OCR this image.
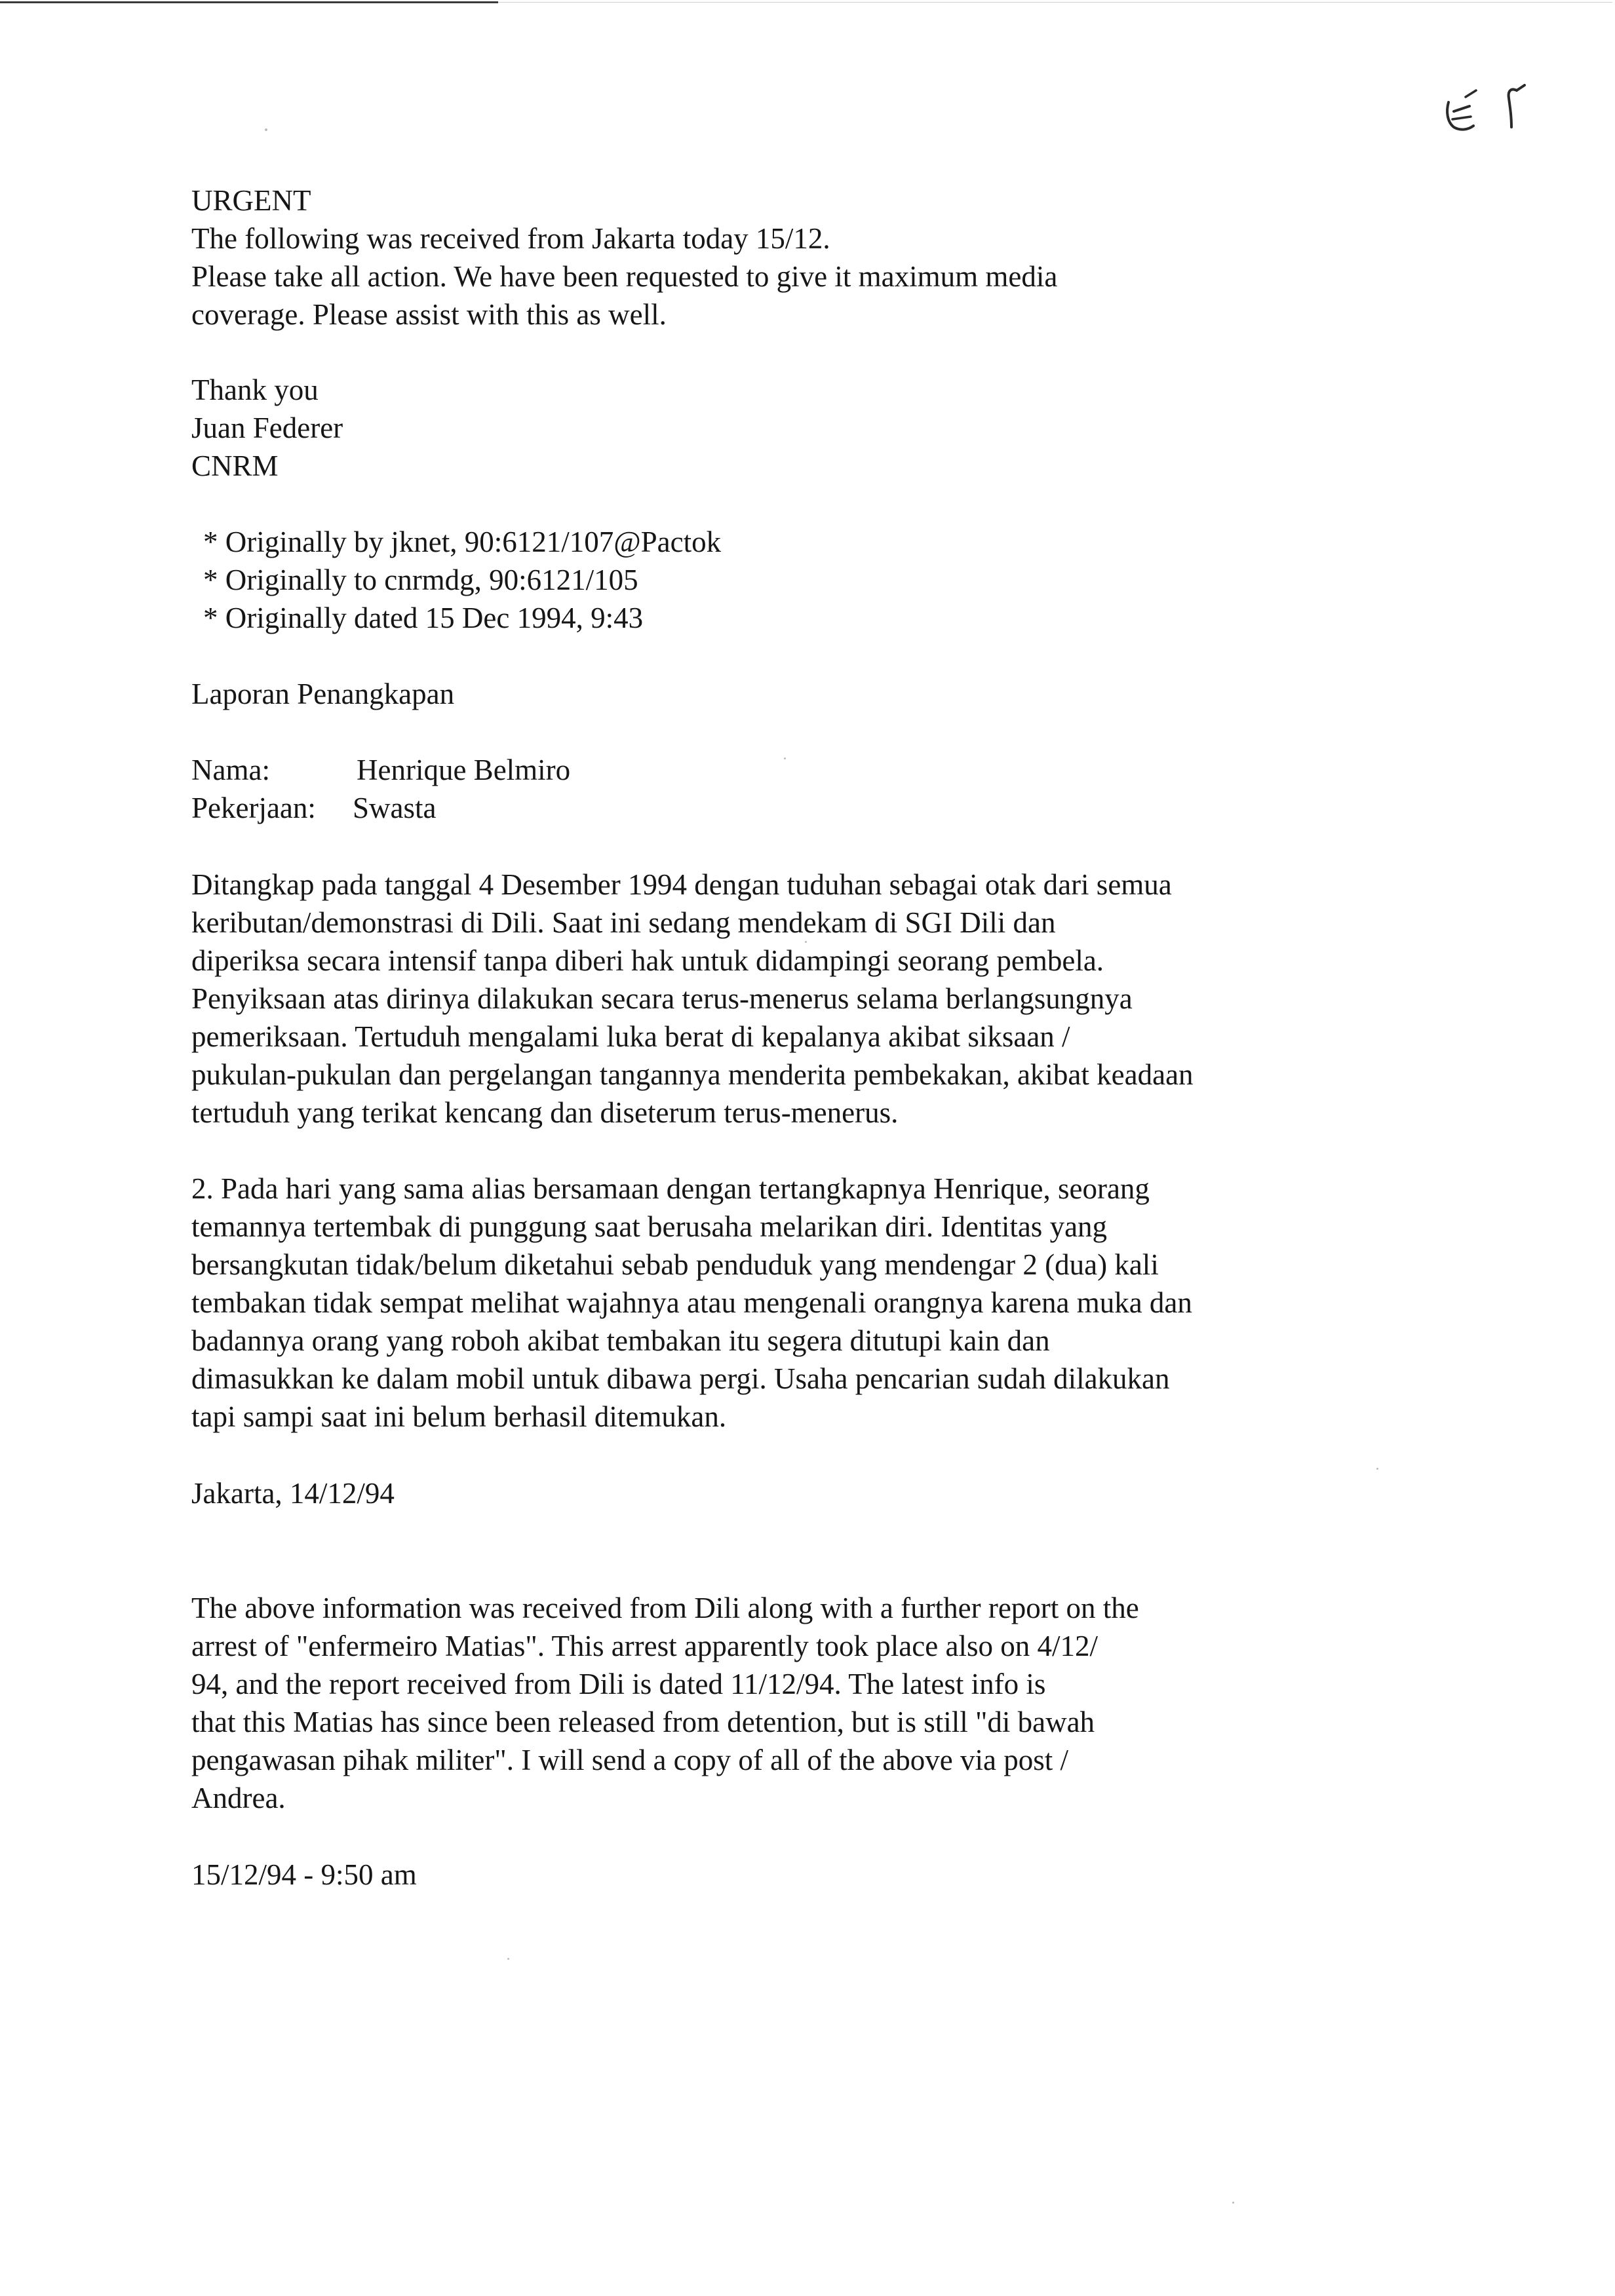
URGENT
The following was received from Jakarta today 15/12.
Please take all action. We have been requested to give it maximum media
coverage. Please assist with this as well.
Thank you
Juan Federer
CNRM
* Originally by jknet, 90:6121/107@Pactok
* Originally to cnrmdg, 90:6121/105
* Originally dated 15 Dec 1994, 9:43
Laporan Penangkapan
Nama:	Henrique Belmiro
Pekerjaan: Swasta
Ditangkap pada tanggal 4 Desember 1994 dengan tuduhan sebagai otak dari semua
keributan/demonstrasi di Dili. Saat ini sedang mendekam di SGI Dili dan
diperiksa secara intensif tanpa diberi hak untuk didampingi seorang pembela.
Penyiksaan atas dirinya dilakukan secara terus-menerus selama berlangsungnya
pemeriksaan. Tertuduh mengalami luka berat di kepalanya akibat siksaan /
pukulan-pukulan dan pergelangan tangannya menderita pembekakan, akibat keadaan
tertuduh yang terikat kencang dan diseterum terus-menerus.
2. Pada hari yang sama alias bersamaan dengan tertangkapnya Henrique, seorang
temannya tertembak di punggung saat berusaha melarikan diri. Identitas yang
bersangkutan tidak/belum diketahui sebab penduduk yang mendengar 2 (dua) kali
tembakan tidak sempat melihat wajahnya atau mengenali orangnya karena muka dan
badannya orang yang roboh akibat tembakan itu segera ditutupi kain dan
dimasukkan ke dalam mobil untuk dibawa pergi. Usaha pencarian sudah dilakukan
tapi sampi saat ini belum berhasil ditemukan.
Jakarta, 14/12/94
The above information was received from Dili along with a further report on the
arrest of "enfermeiro Matias". This arrest apparently took place also on 4/12/
94, and the report received from Dili is dated 11/12/94. The latest info is
that this Matias has since been released from detention, but is still "di bawah
pengawasan pihak militer". I will send a copy of all of the above via post /
Andrea.
15/12/94 - 9:50 am
